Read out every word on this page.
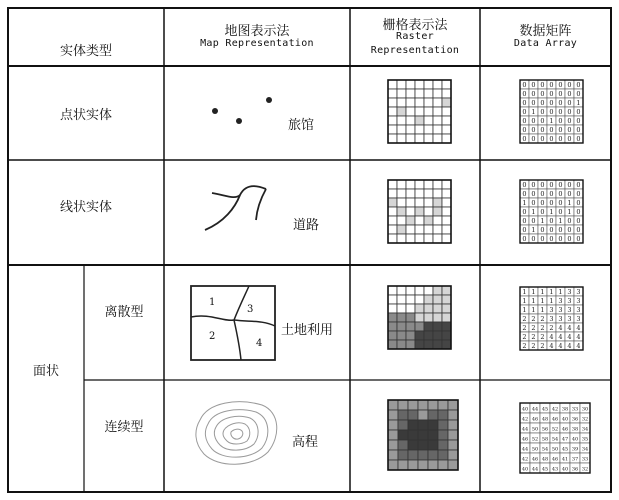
实体类型
地图表示法
Map Representation
栅格表示法
Raster
Representation
数据矩阵
Data Array
点状实体
线状实体
面状
离散型
连续型
旅馆
道路
土地利用
高程
1
2
3
4
0 0 0 0 0 0 0
0 0 0 0 0 0 0
0 0 0 0 0 0 1
0 1 0 0 0 0 0
0 0 0 1 0 0 0
0 0 0 0 0 0 0
0 0 0 0 0 0 0
0 0 0 0 0 0 0
0 0 0 0 0 0 0
1 0 0 0 0 1 0
0 1 0 1 0 1 0
0 0 1 0 1 0 0
0 1 0 0 0 0 0
0 0 0 0 0 0 0
1 1 1 1 1 3 3
1 1 1 1 3 3 3
1 1 1 3 3 3 3
2 2 2 3 3 3 3
2 2 2 2 4 4 4
2 2 2 4 4 4 4
2 2 2 4 4 4 4
40 44 45 42 38 33 30
42 46 48 46 40 36 32
44 50 56 52 46 38 34
46 52 58 54 47 40 35
44 50 54 50 45 39 34
42 46 48 46 41 37 33
40 44 45 43 40 36 32
